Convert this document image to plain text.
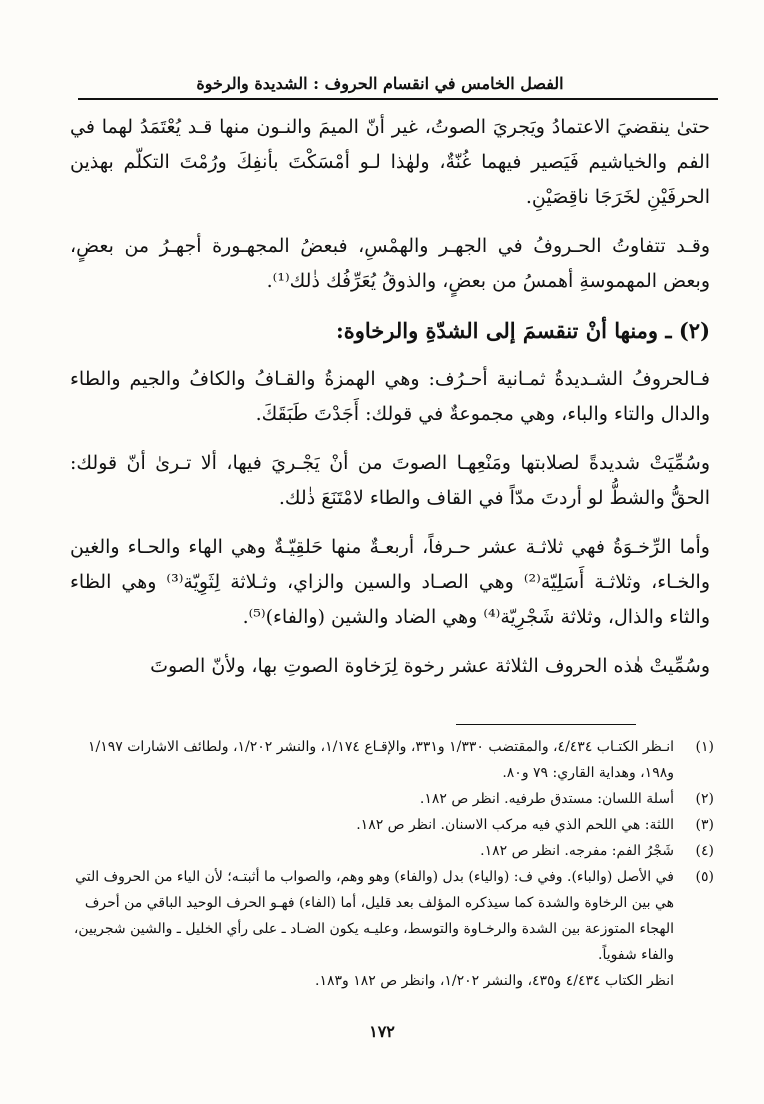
الفصل الخامس في انقسام الحروف : الشديدة والرخوة

حتىٰ ينقضيَ الاعتمادُ ويَجريَ الصوتُ، غير أنّ الميمَ والنـون منها قـد يُعْتَمَدُ لهما في الفم والخياشيم فَيَصير فيهما غُنّةٌ، ولهٰذا لـو أمْسَكْتَ بأنفِكَ ورُمْتَ التكلّم بهذين الحرفَيْنِ لخَرَجَا ناقِصَيْنِ.

وقـد تتفاوتُ الحـروفُ في الجهـر والهمْسِ، فبعضُ المجهـورة أجهـرُ من بعضٍ، وبعض المهموسةِ أهمسُ من بعضٍ، والذوقُ يُعَرِّفُك ذٰلك⁽¹⁾.

(٢) ـ ومنها أنْ تنقسمَ إلى الشدّةِ والرخاوة:

فـالحروفُ الشـديدةُ ثمـانية أحـرُف: وهي الهمزةُ والقـافُ والكافُ والجيم والطاء والدال والتاء والباء، وهي مجموعةٌ في قولك: أَجَدْتَ طَبَقَكَ.

وسُمِّيَتْ شديدةً لصلابتها ومَنْعِهـا الصوتَ من أنْ يَجْـريَ فيها، ألا تـرىٰ أنّ قولك: الحقُّ والشطُّ لو أردتَ مدّاً في القاف والطاء لامْتَنَعَ ذٰلك.

وأما الرِّخـوَةُ فهي ثلاثـة عشر حـرفاً، أربعـةٌ منها حَلقِيّـةٌ وهي الهاء والحـاء والغين والخـاء، وثلاثـة أَسَلِيّة⁽²⁾ وهي الصـاد والسين والزاي، وثـلاثة لِثَوِيّة⁽³⁾ وهي الظاء والثاء والذال، وثلاثة شَجْرِيّة⁽⁴⁾ وهي الضاد والشين (والفاء)⁽⁵⁾.

وسُمِّيتْ هٰذه الحروف الثلاثة عشر رخوة لِرَخاوة الصوتِ بها، ولأنّ الصوتَ

(١)
انـظر الكتـاب ٤/٤٣٤، والمقتضب ١/٣٣٠ و٣٣١، والإقـاع ١/١٧٤، والنشر ١/٢٠٢، ولطائف الاشارات ١/١٩٧ و١٩٨، وهداية القاري: ٧٩ و٨٠.
(٢)
أسلة اللسان: مستدق طرفيه. انظر ص ١٨٢.
(٣)
اللثة: هي اللحم الذي فيه مركب الاسنان. انظر ص ١٨٢.
(٤)
شَجْرُ الفم: مفرجه. انظر ص ١٨٢.
(٥)
في الأصل (والباء). وفي ف: (والياء) بدل (والفاء) وهو وهم، والصواب ما أثبتـه؛ لأن الياء من الحروف التي هي بين الرخاوة والشدة كما سيذكره المؤلف بعد قليل، أما (الفاء) فهـو الحرف الوحيد الباقي من أحرف الهجاء المتوزعة بين الشدة والرخـاوة والتوسط، وعليـه يكون الضـاد ـ على رأي الخليل ـ والشين شجريين، والفاء شفوياً.
انظر الكتاب ٤/٤٣٤ و٤٣٥، والنشر ١/٢٠٢، وانظر ص ١٨٢ و١٨٣.
١٧٢
